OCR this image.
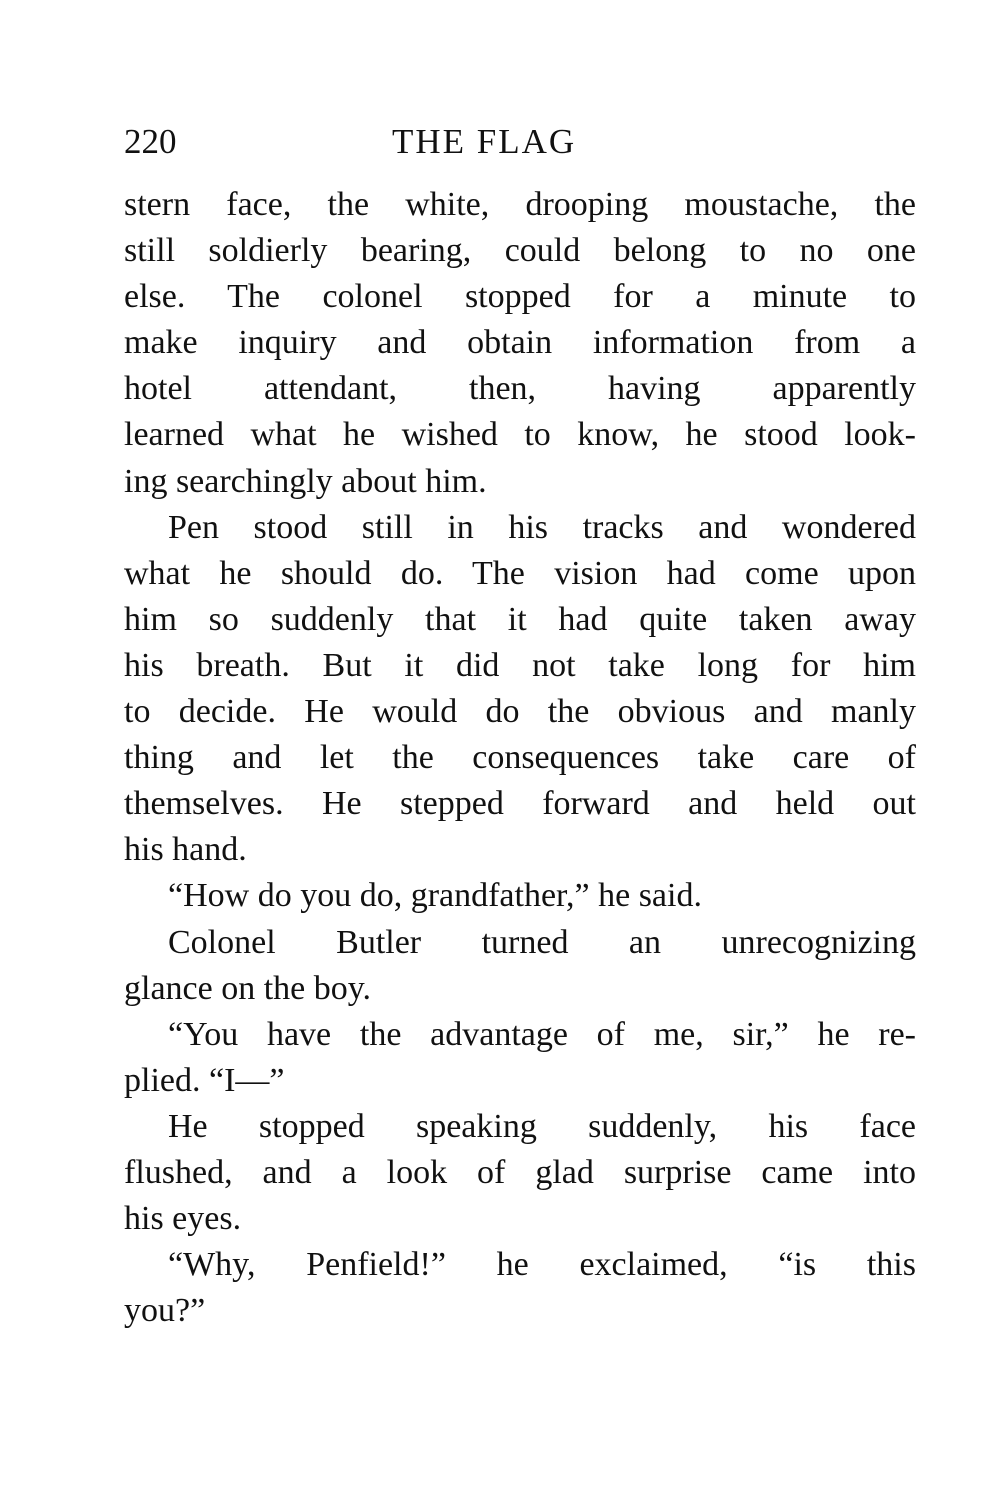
220	THE FLAG
stern face, the white, drooping moustache, the
still soldierly bearing, could belong to no one
else. The colonel stopped for a minute to
make inquiry and obtain information from a
hotel attendant, then, having apparently
learned what he wished to know, he stood look-
ing searchingly about him.
Pen stood still in his tracks and wondered
what he should do. The vision had come upon
him so suddenly that it had quite taken away
his breath. But it did not take long for him
to decide. He would do the obvious and manly
thing and let the consequences take care of
themselves. He stepped forward and held out
his hand.
“How do you do, grandfather,” he said.
Colonel Butler turned an unrecognizing
glance on the boy.
“You have the advantage of me, sir,” he re-
plied. “I—”
He stopped speaking suddenly, his face
flushed, and a look of glad surprise came into
his eyes.
“Why, Penfield!” he exclaimed, “is this
you?”
